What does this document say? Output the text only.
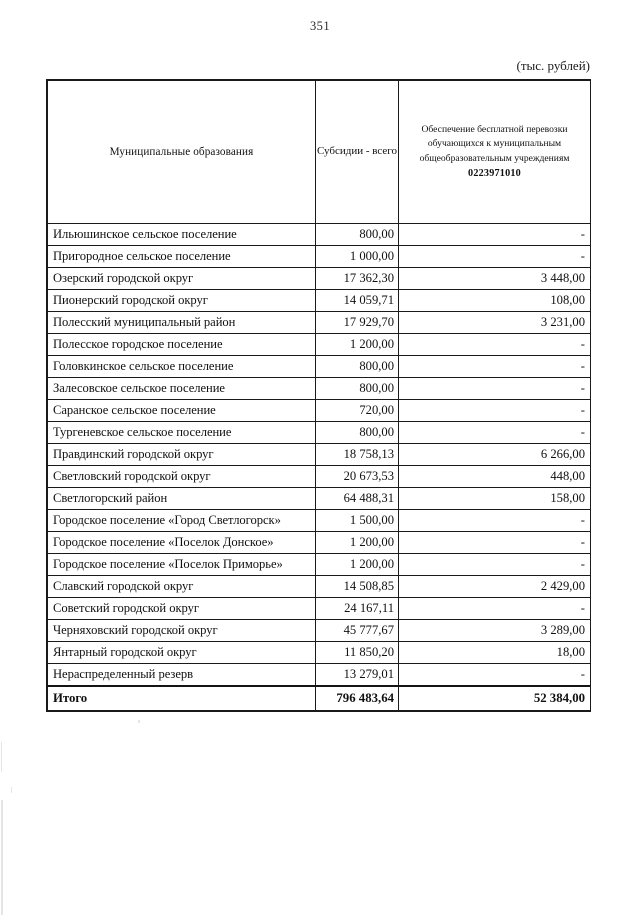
351
(тыс. рублей)
Муниципальные образования	Субсидии - всего	Обеспечение бесплатной перевозки обучающихся к муниципальным общеобразовательным учреждениям
0223971010
Ильюшинское сельское поселение	800,00	-
Пригородное сельское поселение	1 000,00	-
Озерский городской округ	17 362,30	3 448,00
Пионерский городской округ	14 059,71	108,00
Полесский муниципальный район	17 929,70	3 231,00
Полесское городское поселение	1 200,00	-
Головкинское сельское поселение	800,00	-
Залесовское сельское поселение	800,00	-
Саранское сельское поселение	720,00	-
Тургеневское сельское поселение	800,00	-
Правдинский городской округ	18 758,13	6 266,00
Светловский городской округ	20 673,53	448,00
Светлогорский район	64 488,31	158,00
Городское поселение «Город Светлогорск»	1 500,00	-
Городское поселение «Поселок Донское»	1 200,00	-
Городское поселение «Поселок Приморье»	1 200,00	-
Славский городской округ	14 508,85	2 429,00
Советский городской округ	24 167,11	-
Черняховский городской округ	45 777,67	3 289,00
Янтарный городской округ	11 850,20	18,00
Нераспределенный резерв	13 279,01	-
Итого	796 483,64	52 384,00
